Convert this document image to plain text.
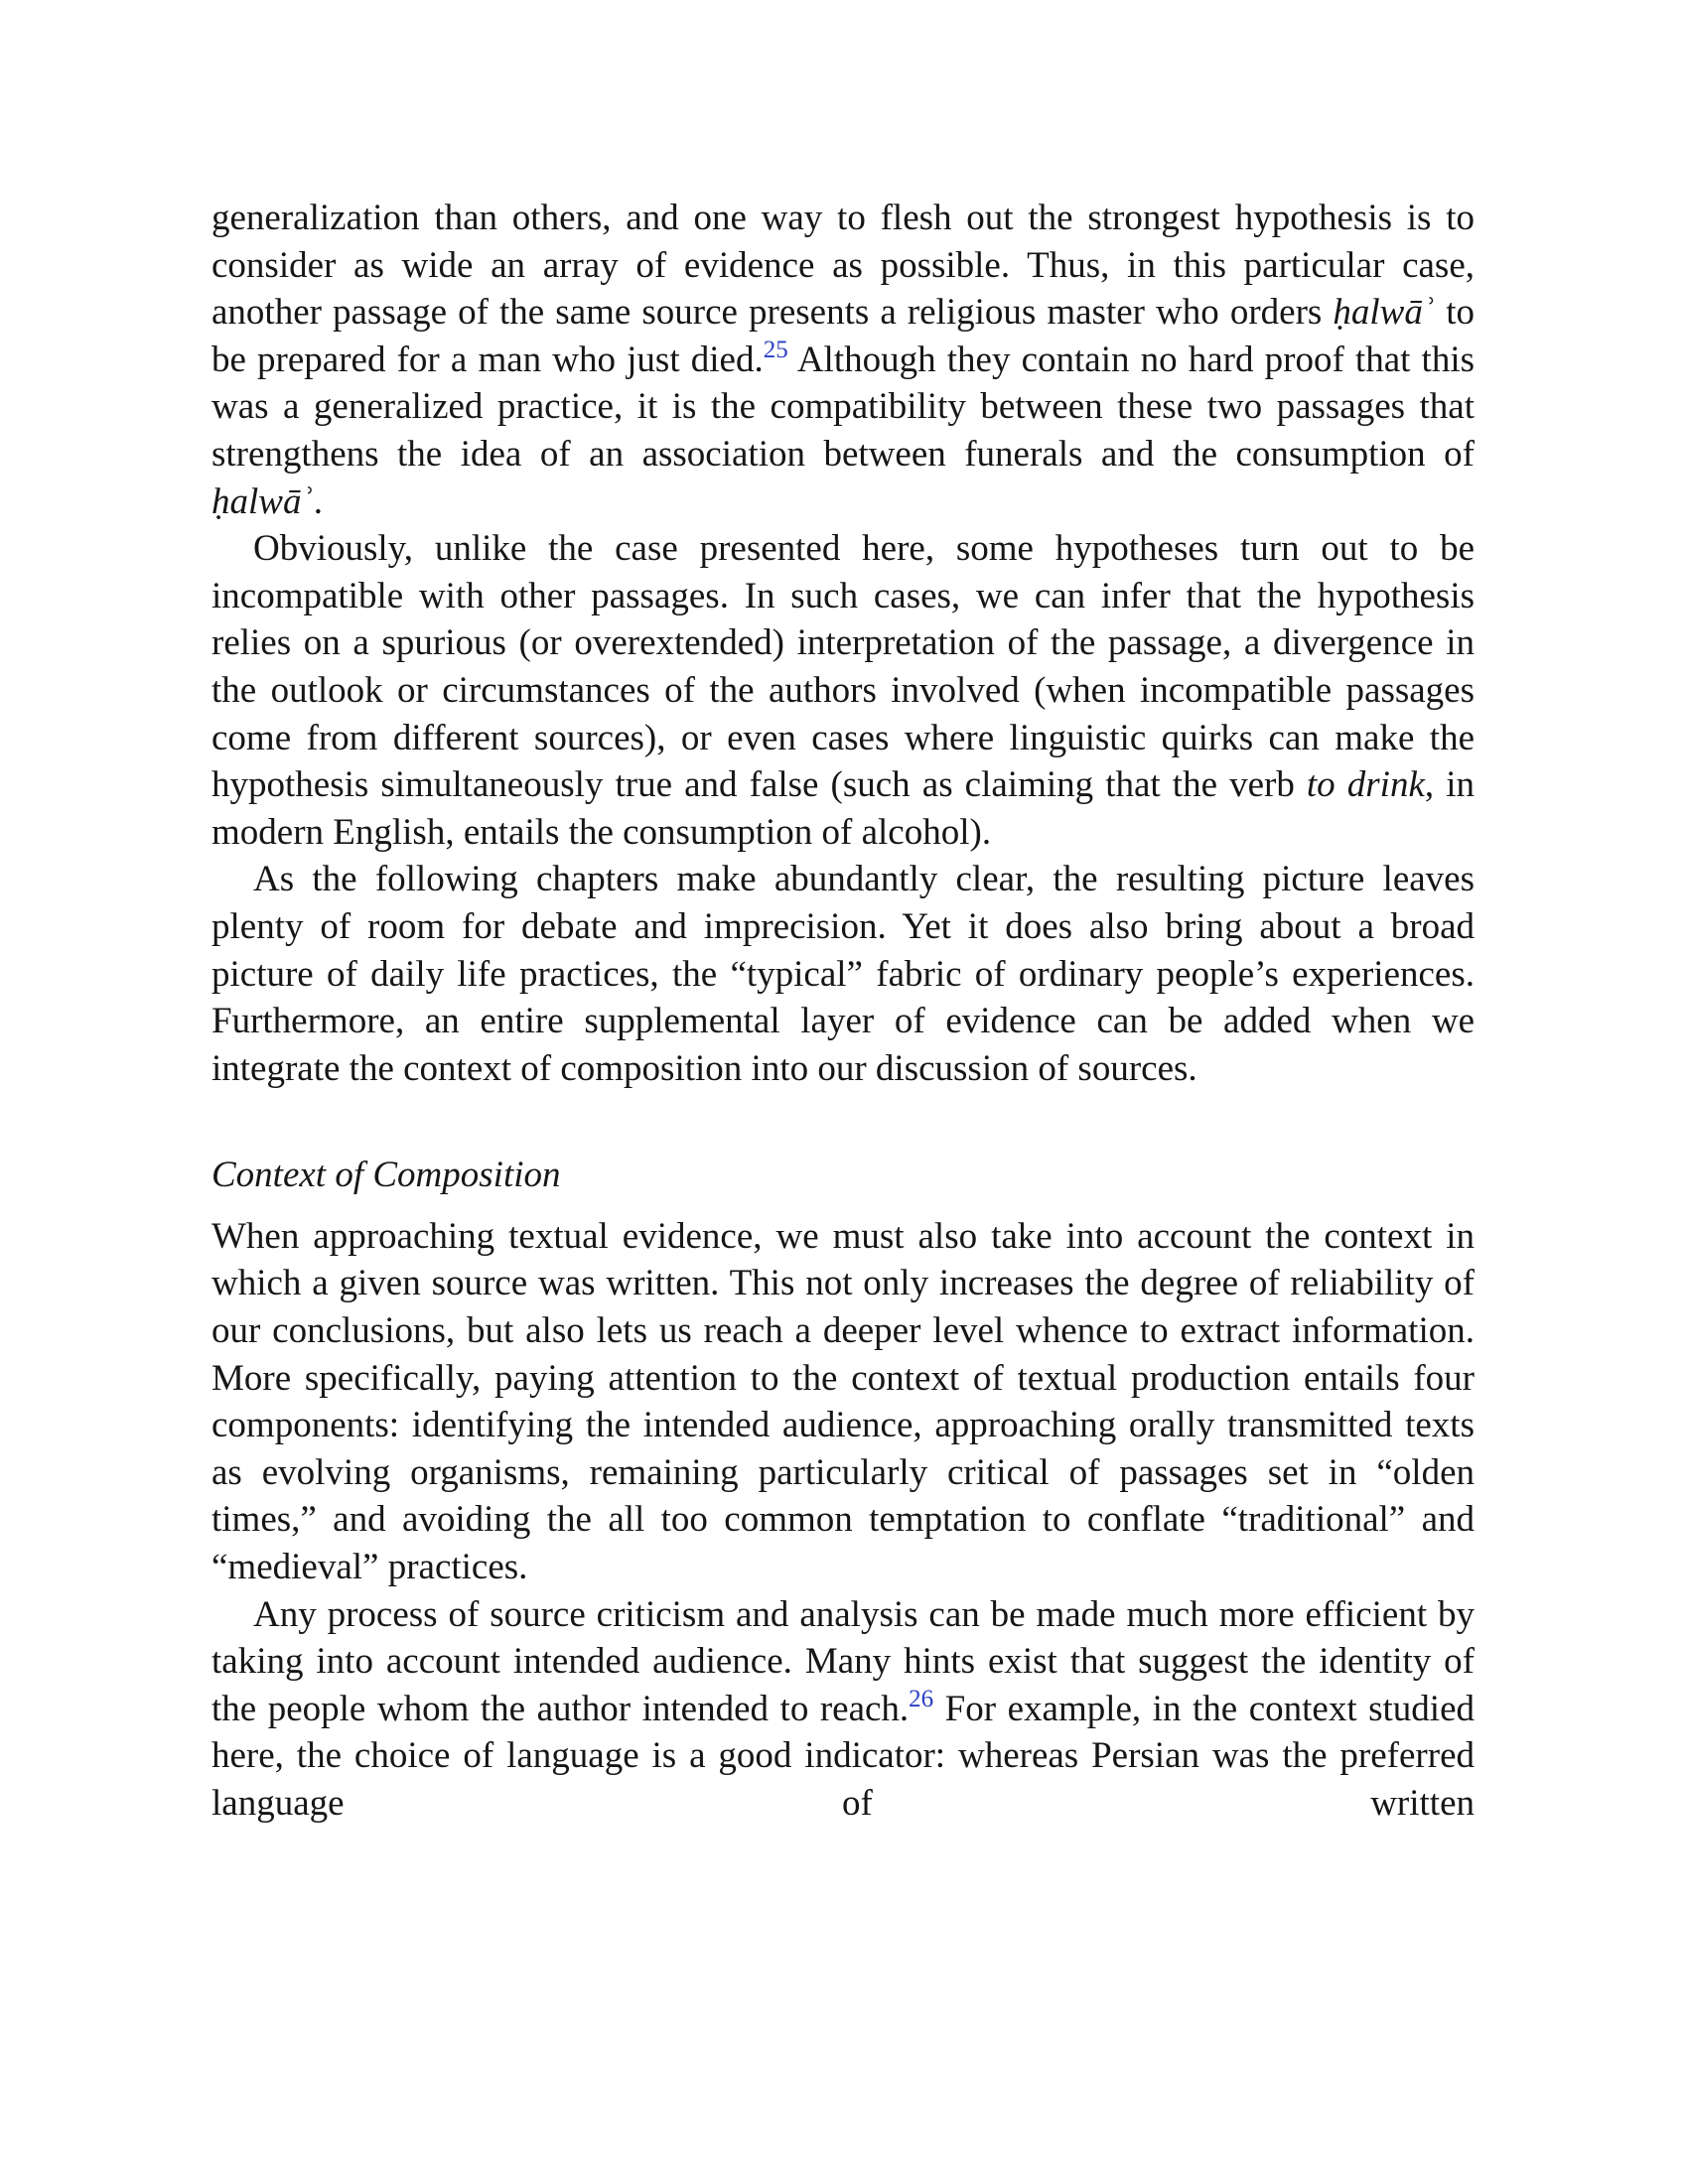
generalization than others, and one way to flesh out the strongest hypothesis is to consider as wide an array of evidence as possible. Thus, in this particular case, another passage of the same source presents a religious master who orders ḥalwāʾ to be prepared for a man who just died.$^{25}$ Although they contain no hard proof that this was a generalized practice, it is the compatibility between these two passages that strengthens the idea of an association between funerals and the consumption of ḥalwāʾ.

Obviously, unlike the case presented here, some hypotheses turn out to be incompatible with other passages. In such cases, we can infer that the hypothesis relies on a spurious (or overextended) interpretation of the passage, a divergence in the outlook or circumstances of the authors involved (when incompatible passages come from different sources), or even cases where linguistic quirks can make the hypothesis simultaneously true and false (such as claiming that the verb to drink, in modern English, entails the consumption of alcohol).

As the following chapters make abundantly clear, the resulting picture leaves plenty of room for debate and imprecision. Yet it does also bring about a broad picture of daily life practices, the “typical” fabric of ordinary people’s experiences. Furthermore, an entire supplemental layer of evidence can be added when we integrate the context of composition into our discussion of sources.

Context of Composition

When approaching textual evidence, we must also take into account the context in which a given source was written. This not only increases the degree of reliability of our conclusions, but also lets us reach a deeper level whence to extract information. More specifically, paying attention to the context of textual production entails four components: identifying the intended audience, approaching orally transmitted texts as evolving organisms, remaining particularly critical of passages set in “olden times,” and avoiding the all too common temptation to conflate “traditional” and “medieval” practices.

Any process of source criticism and analysis can be made much more efficient by taking into account intended audience. Many hints exist that suggest the identity of the people whom the author intended to reach.$^{26}$ For example, in the context studied here, the choice of language is a good indicator: whereas Persian was the preferred language of written
